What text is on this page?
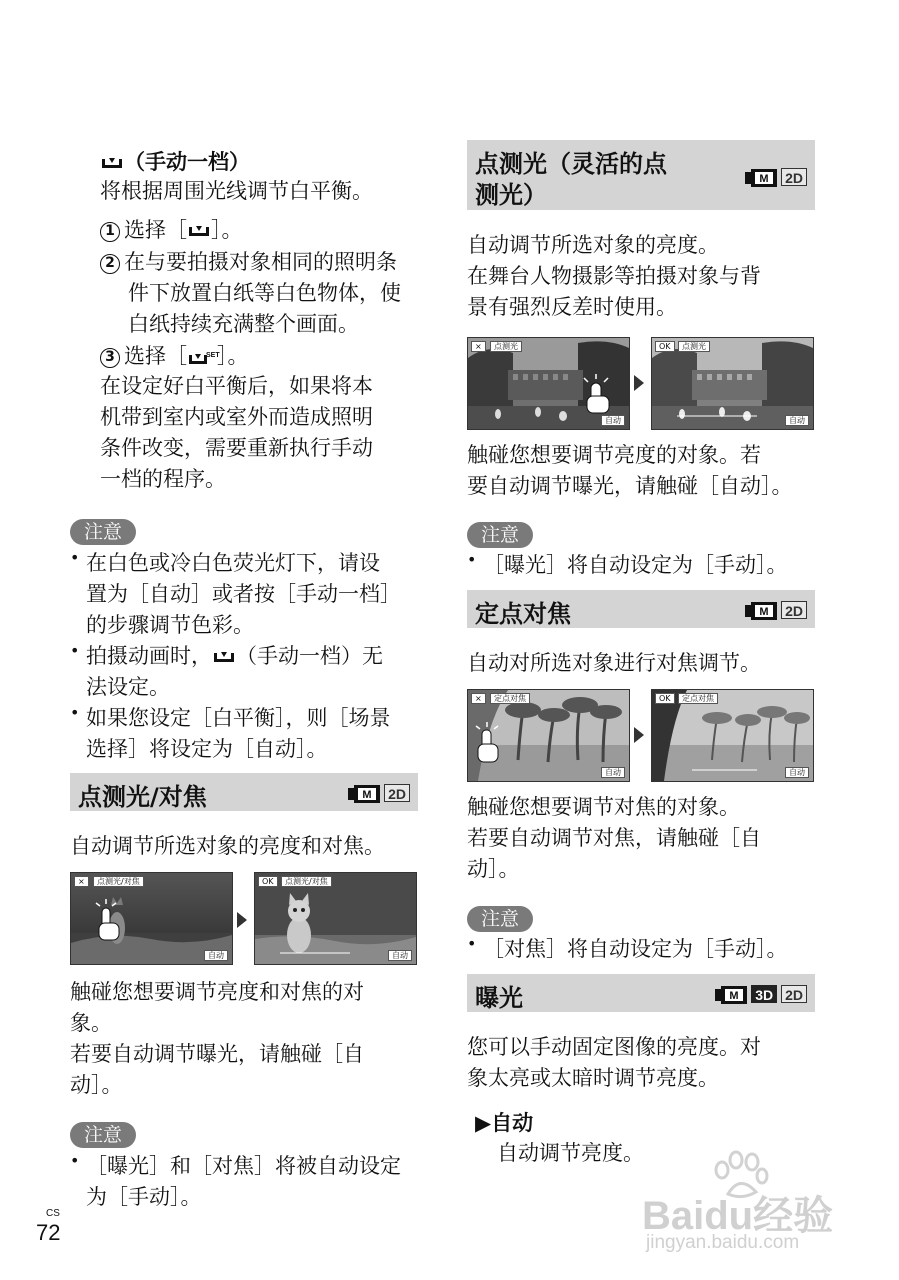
（手动一档）

将根据周围光线调节白平衡。

1 选择［ ］。

2 在与要拍摄对象相同的照明条

件下放置白纸等白色物体，使

白纸持续充满整个画面。

3 选择［	SET
］。

在设定好白平衡后，如果将本

机带到室内或室外而造成照明

条件改变，需要重新执行手动

一档的程序。

注意

• 在白色或冷白色荧光灯下，请设

置为［自动］或者按［手动一档］

的步骤调节色彩。

• 拍摄动画时， （手动一档）无

法设定。

• 如果您设定［白平衡］，则［场景

选择］将设定为［自动］。

点测光/对焦	M 2D

自动调节所选对象的亮度和对焦。

×	点测光/对焦
自动
OK	点测光/对焦
自动

触碰您想要调节亮度和对焦的对

象。

若要自动调节曝光，请触碰［自

动］。

注意

• ［曝光］和［对焦］将被自动设定

为［手动］。

点测光（灵活的点
测光）
M 2D

自动调节所选对象的亮度。

在舞台人物摄影等拍摄对象与背

景有强烈反差时使用。

×	点测光
自动
OK	点测光
自动

触碰您想要调节亮度的对象。若

要自动调节曝光，请触碰［自动］。

注意

• ［曝光］将自动设定为［手动］。

定点对焦	M 2D

自动对所选对象进行对焦调节。

×	定点对焦
自动
OK	定点对焦
自动

触碰您想要调节对焦的对象。

若要自动调节对焦，请触碰［自

动］。

注意

• ［对焦］将自动设定为［手动］。

曝光	M 3D 2D

您可以手动固定图像的亮度。对

象太亮或太暗时调节亮度。

▶自动

自动调节亮度。

CS
72	Baidu经验
jingyan.baidu.com
